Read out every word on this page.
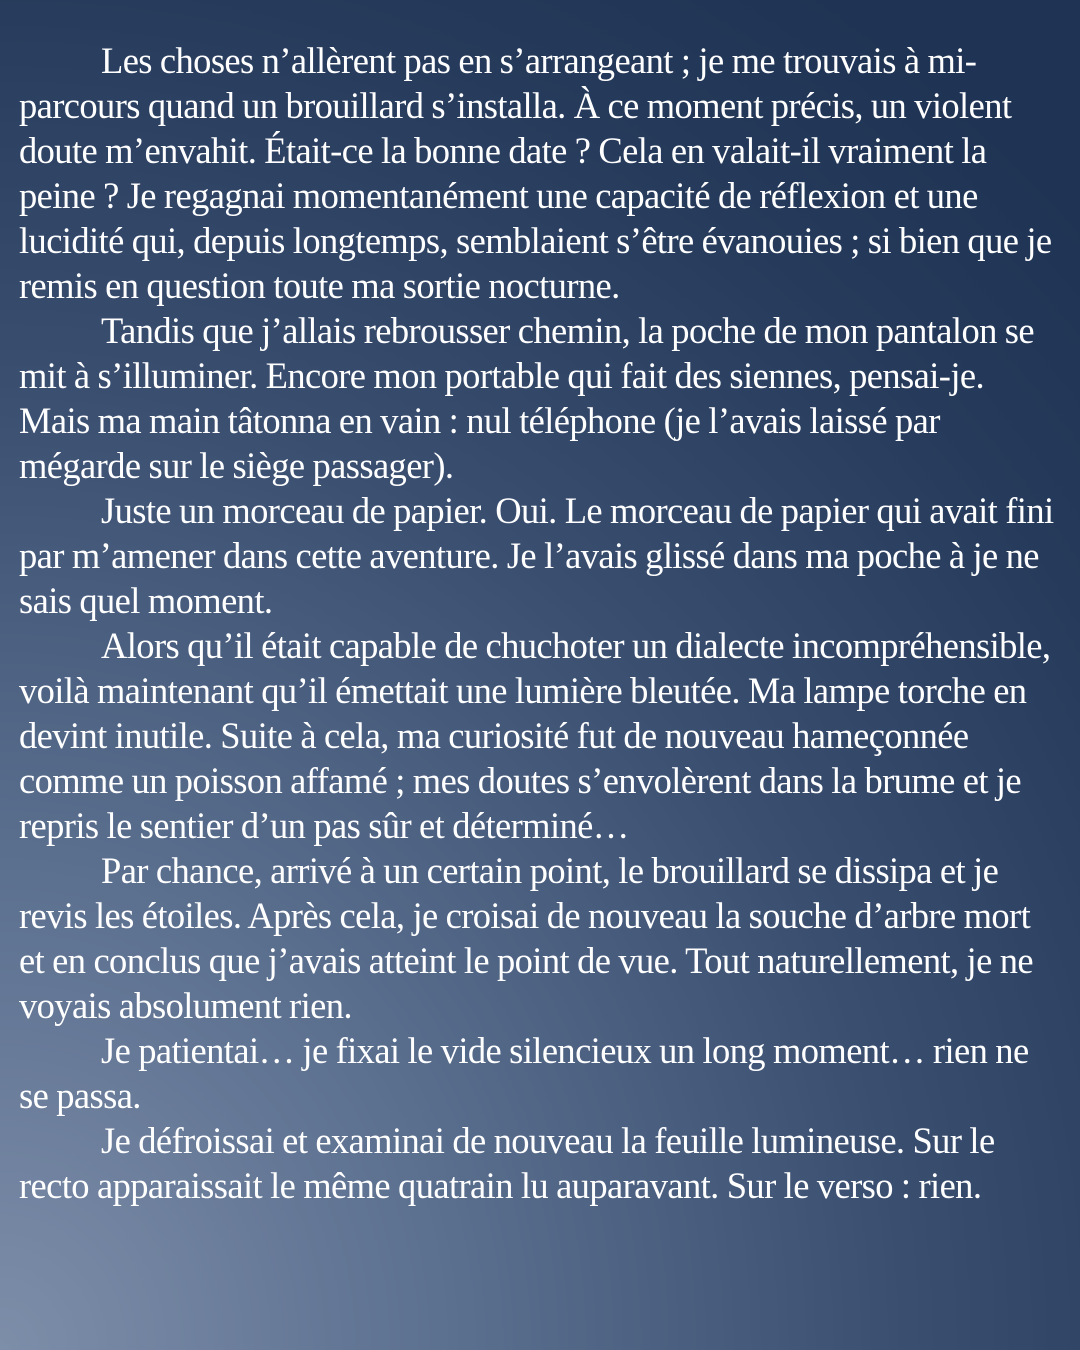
Les choses n’allèrent pas en s’arrangeant ; je me trouvais à mi-parcours quand un brouillard s’installa. À ce moment précis, un violent doute m’envahit. Était-ce la bonne date ? Cela en valait-il vraiment la peine ? Je regagnai momentanément une capacité de réflexion et une lucidité qui, depuis longtemps, semblaient s’être évanouies ; si bien que je remis en question toute ma sortie nocturne.

Tandis que j’allais rebrousser chemin, la poche de mon pantalon se mit à s’illuminer. Encore mon portable qui fait des siennes, pensai-je. Mais ma main tâtonna en vain : nul téléphone (je l’avais laissé par mégarde sur le siège passager).

Juste un morceau de papier. Oui. Le morceau de papier qui avait fini par m’amener dans cette aventure. Je l’avais glissé dans ma poche à je ne sais quel moment.

Alors qu’il était capable de chuchoter un dialecte incompréhensible, voilà maintenant qu’il émettait une lumière bleutée. Ma lampe torche en devint inutile. Suite à cela, ma curiosité fut de nouveau hameçonnée comme un poisson affamé ; mes doutes s’envolèrent dans la brume et je repris le sentier d’un pas sûr et déterminé…

Par chance, arrivé à un certain point, le brouillard se dissipa et je revis les étoiles. Après cela, je croisai de nouveau la souche d’arbre mort et en conclus que j’avais atteint le point de vue. Tout naturellement, je ne voyais absolument rien.

Je patientai… je fixai le vide silencieux un long moment… rien ne se passa.

Je défroissai et examinai de nouveau la feuille lumineuse. Sur le recto apparaissait le même quatrain lu auparavant. Sur le verso : rien.
